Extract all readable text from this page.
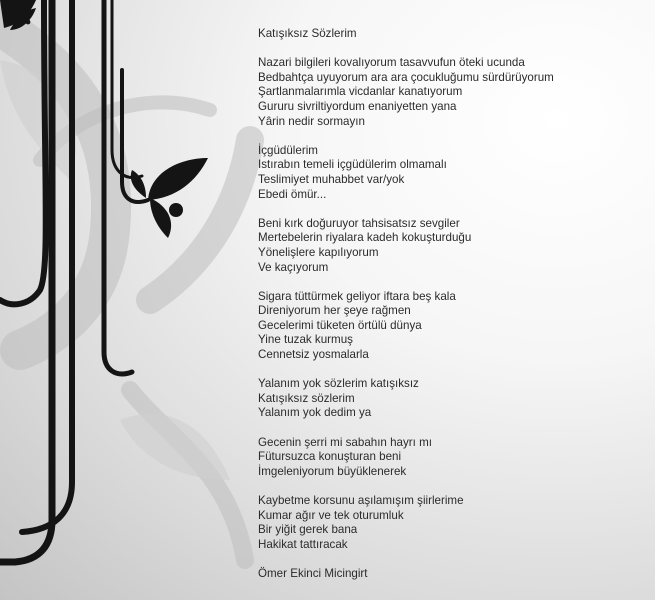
Katışıksız Sözlerim
Nazari bilgileri kovalıyorum tasavvufun öteki ucunda
Bedbahtça uyuyorum ara ara çocukluğumu sürdürüyorum
Şartlanmalarımla vicdanlar kanatıyorum
Gururu sivriltiyordum enaniyetten yana
Yârin nedir sormayın
İçgüdülerim
Istırabın temeli içgüdülerim olmamalı
Teslimiyet muhabbet var/yok
Ebedi ömür...
Beni kırk doğuruyor tahsisatsız sevgiler
Mertebelerin riyalara kadeh kokuşturduğu
Yönelişlere kapılıyorum
Ve kaçıyorum
Sigara tüttürmek geliyor iftara beş kala
Direniyorum her şeye rağmen
Gecelerimi tüketen örtülü dünya
Yine tuzak kurmuş
Cennetsiz yosmalarla
Yalanım yok sözlerim katışıksız
Katışıksız sözlerim
Yalanım yok dedim ya
Gecenin şerri mi sabahın hayrı mı
Fütursuzca konuşturan beni
İmgeleniyorum büyüklenerek
Kaybetme korsunu aşılamışım şiirlerime
Kumar ağır ve tek oturumluk
Bir yiğit gerek bana
Hakikat tattıracak
Ömer Ekinci Micingirt
